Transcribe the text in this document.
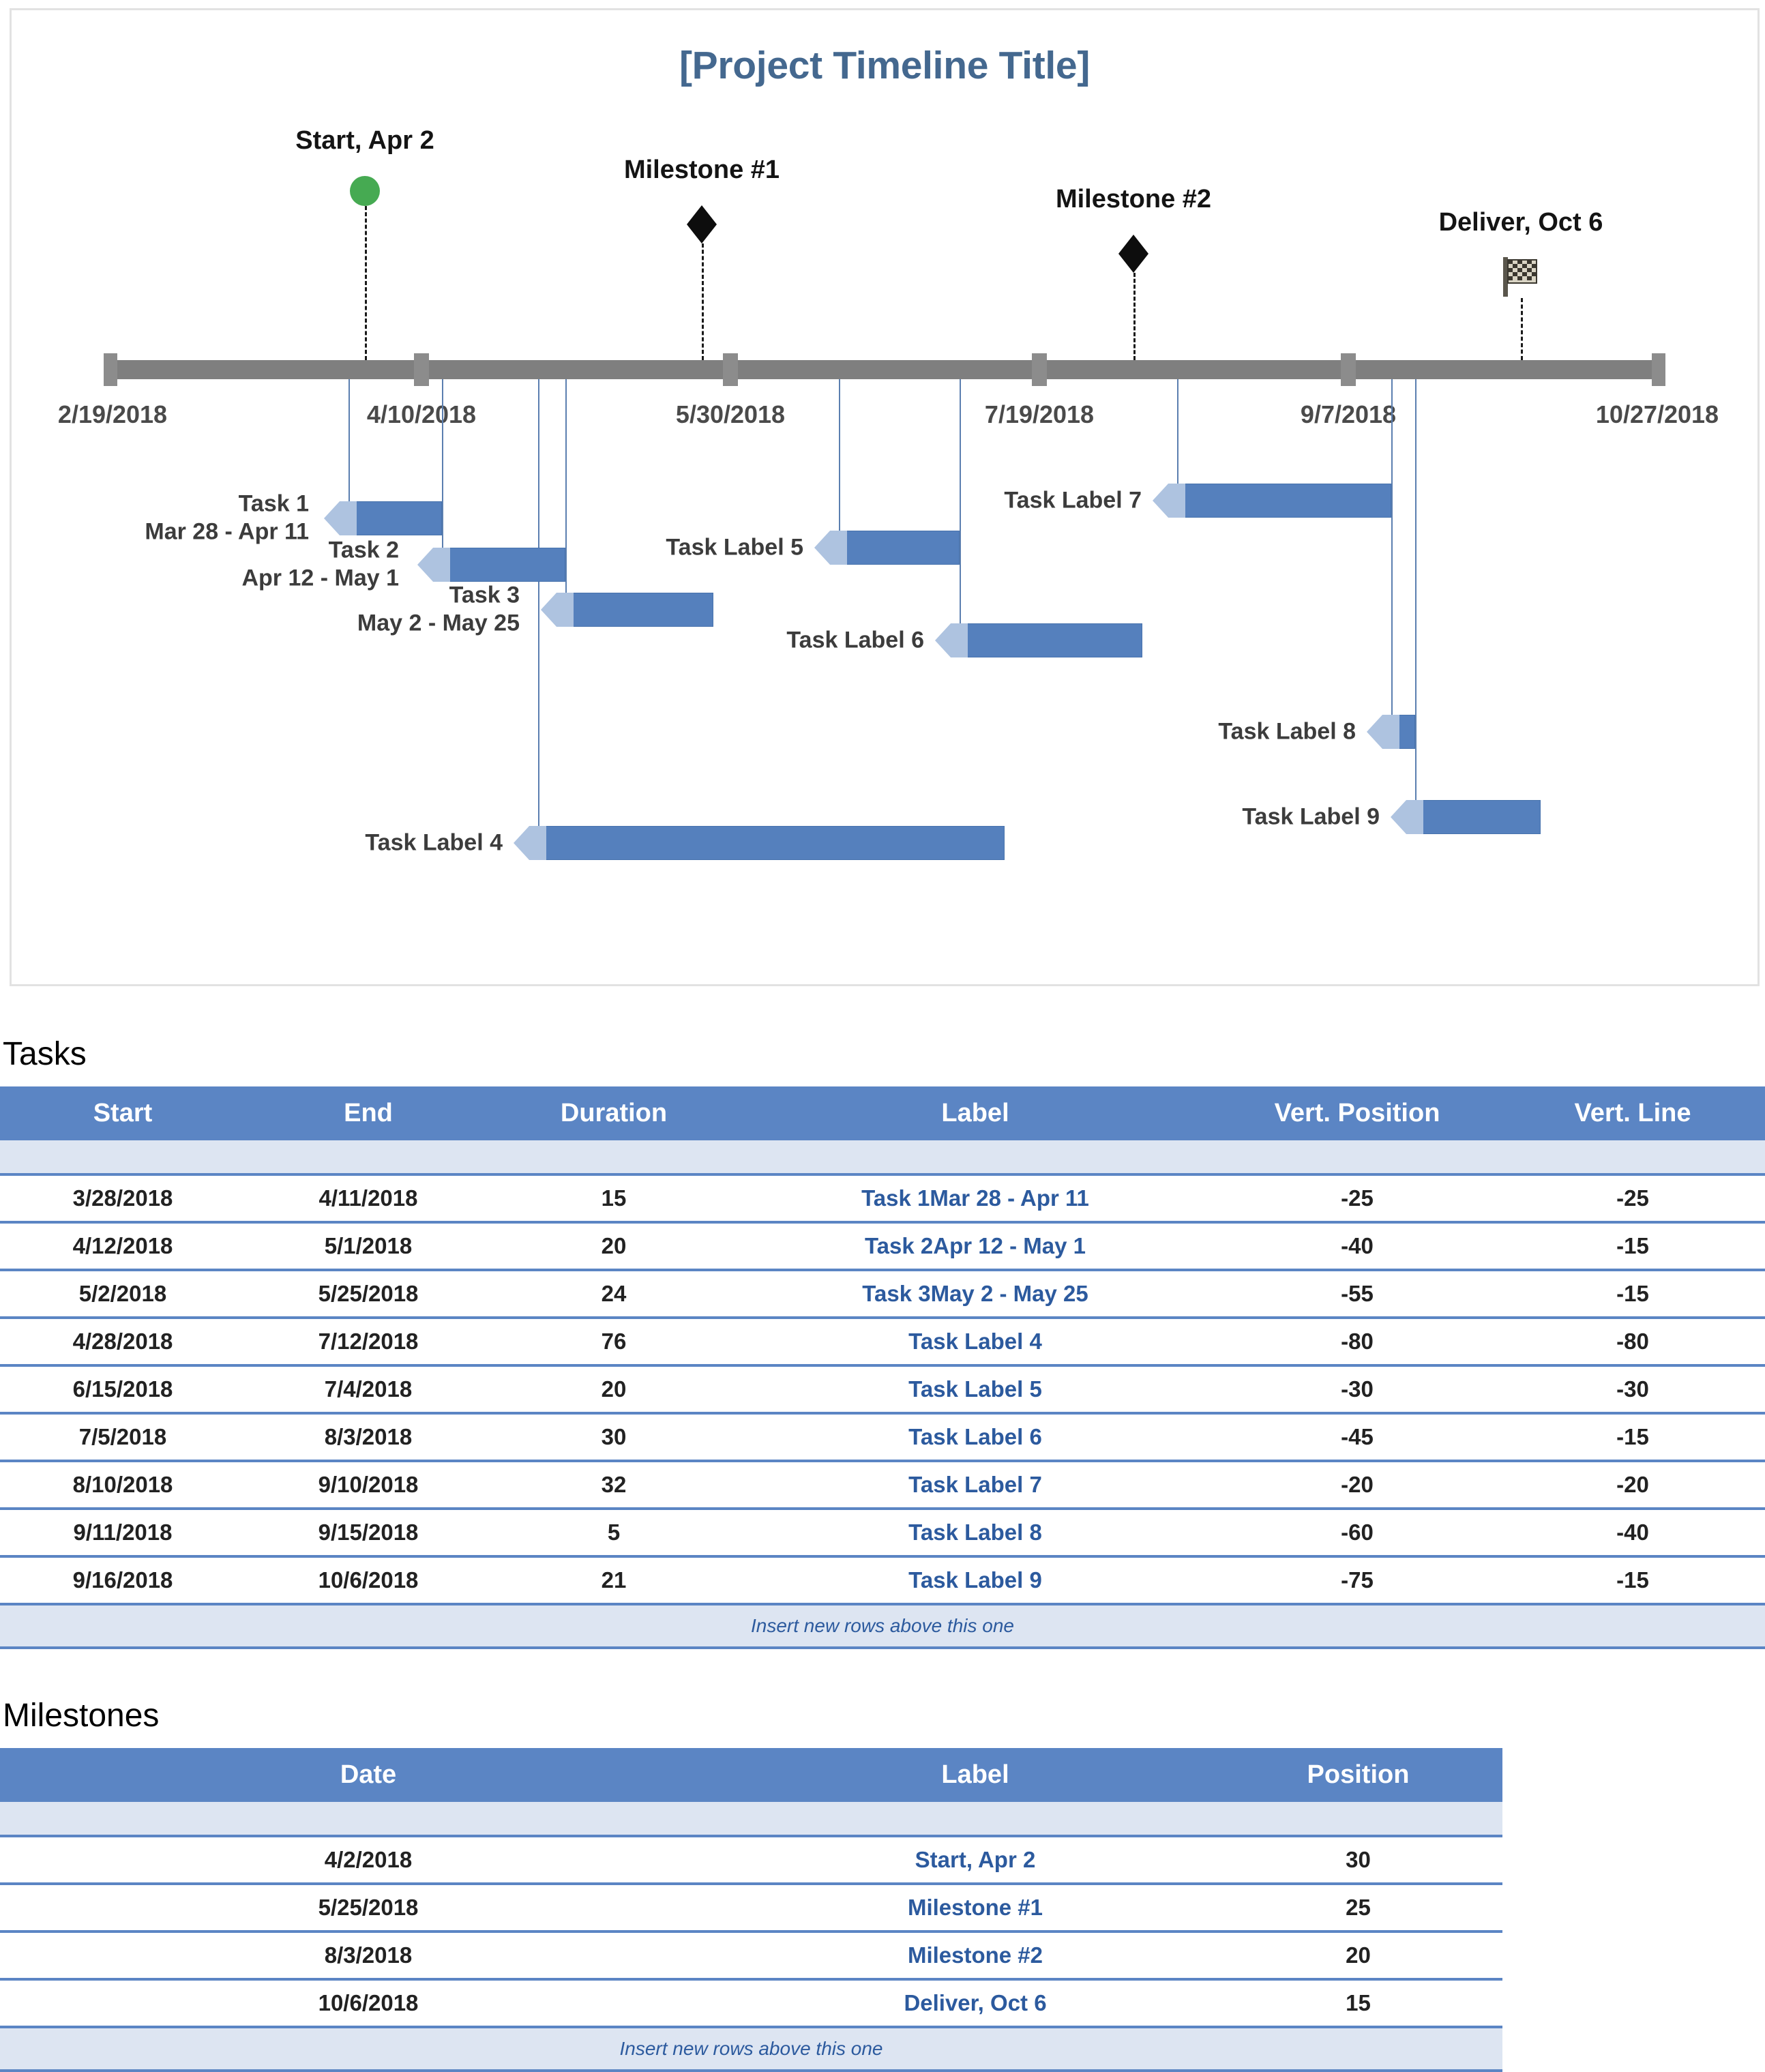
[Project Timeline Title]
2/19/2018	4/10/2018	5/30/2018	7/19/2018	9/7/2018	10/27/2018
Start, Apr 2
Milestone #1
Milestone #2
Deliver, Oct 6
Task 1
Mar 28 - Apr 11
Task 2
Apr 12 - May 1
Task 3
May 2 - May 25
Task Label 4
Task Label 5
Task Label 6
Task Label 7
Task Label 8
Task Label 9
Tasks
Start	End	Duration	Label	Vert. Position	Vert. Line

3/28/2018	4/11/2018	15	Task 1Mar 28 - Apr 11	-25	-25
4/12/2018	5/1/2018	20	Task 2Apr 12 - May 1	-40	-15
5/2/2018	5/25/2018	24	Task 3May 2 - May 25	-55	-15
4/28/2018	7/12/2018	76	Task Label 4	-80	-80
6/15/2018	7/4/2018	20	Task Label 5	-30	-30
7/5/2018	8/3/2018	30	Task Label 6	-45	-15
8/10/2018	9/10/2018	32	Task Label 7	-20	-20
9/11/2018	9/15/2018	5	Task Label 8	-60	-40
9/16/2018	10/6/2018	21	Task Label 9	-75	-15
Insert new rows above this one					
Milestones
Date	Label	Position

4/2/2018	Start, Apr 2	30
5/25/2018	Milestone #1	25
8/3/2018	Milestone #2	20
10/6/2018	Deliver, Oct 6	15
Insert new rows above this one		
